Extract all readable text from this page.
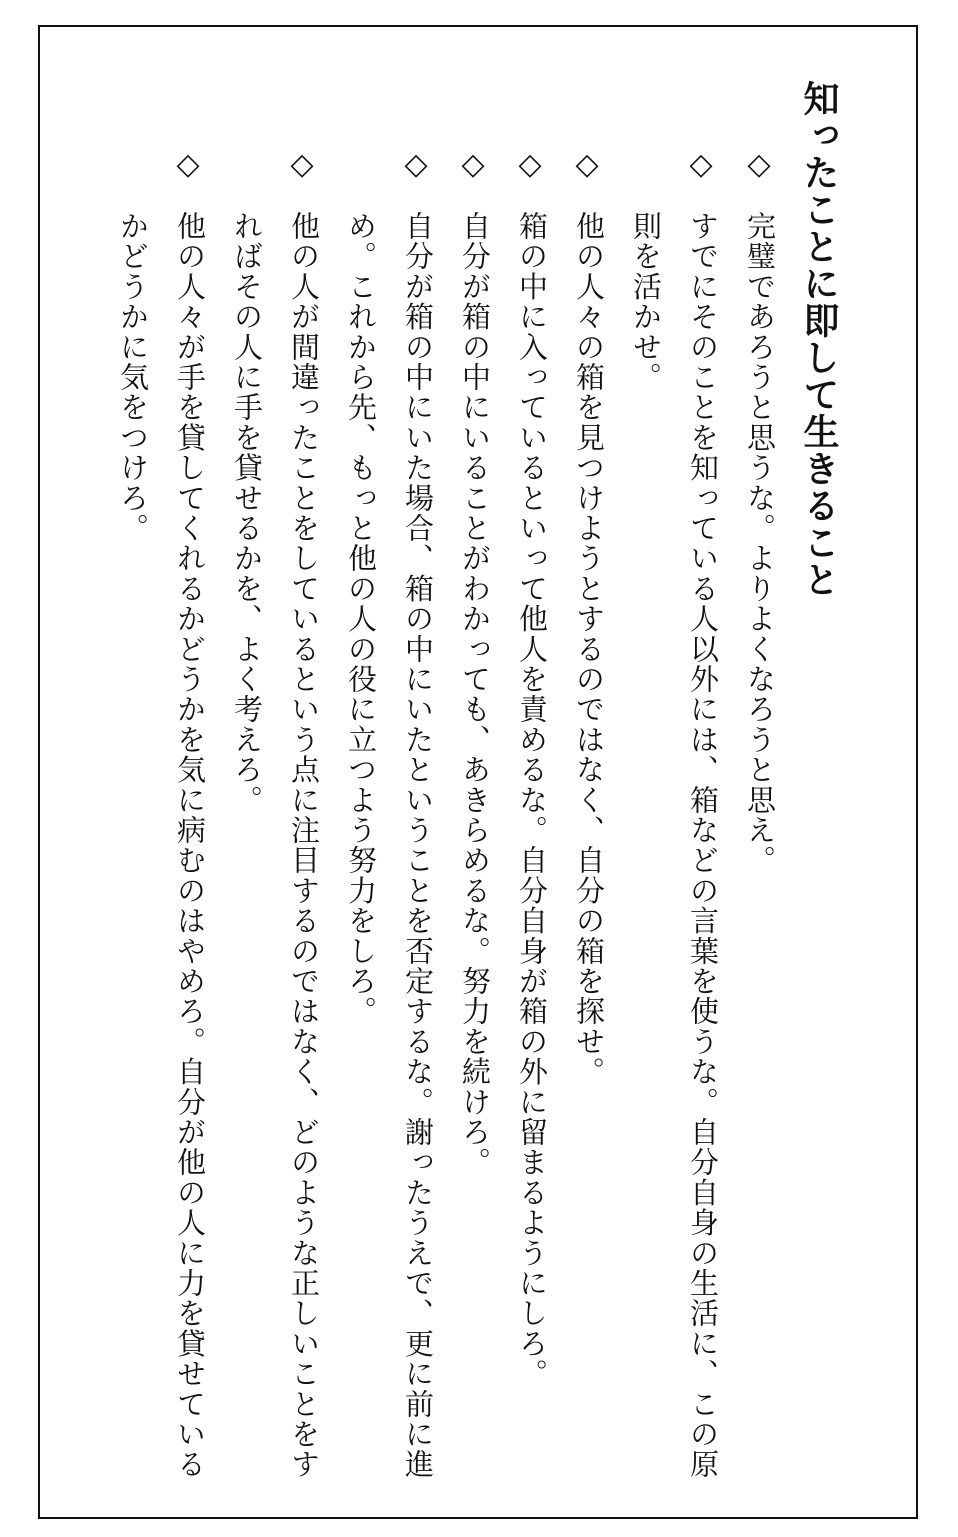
知ったことに即して生きること
◇
◇
◇
◇
◇
◇
◇
◇
完璧であろうと思うな。よりよくなろうと思え。
すでにそのことを知っている人以外には、箱などの言葉を使うな。自分自身の生活に、この原則を活かせ。
他の人々の箱を見つけようとするのではなく、自分の箱を探せ。
箱の中に入っているといって他人を責めるな。自分自身が箱の外に留まるようにしろ。
自分が箱の中にいることがわかっても、あきらめるな。努力を続けろ。
自分が箱の中にいた場合、箱の中にいたということを否定するな。謝ったうえで、更に前に進め。これから先、もっと他の人の役に立つよう努力をしろ。
他の人が間違ったことをしているという点に注目するのではなく、どのような正しいことをすればその人に手を貸せるかを、よく考えろ。
他の人々が手を貸してくれるかどうかを気に病むのはやめろ。自分が他の人に力を貸せているかどうかに気をつけろ。
